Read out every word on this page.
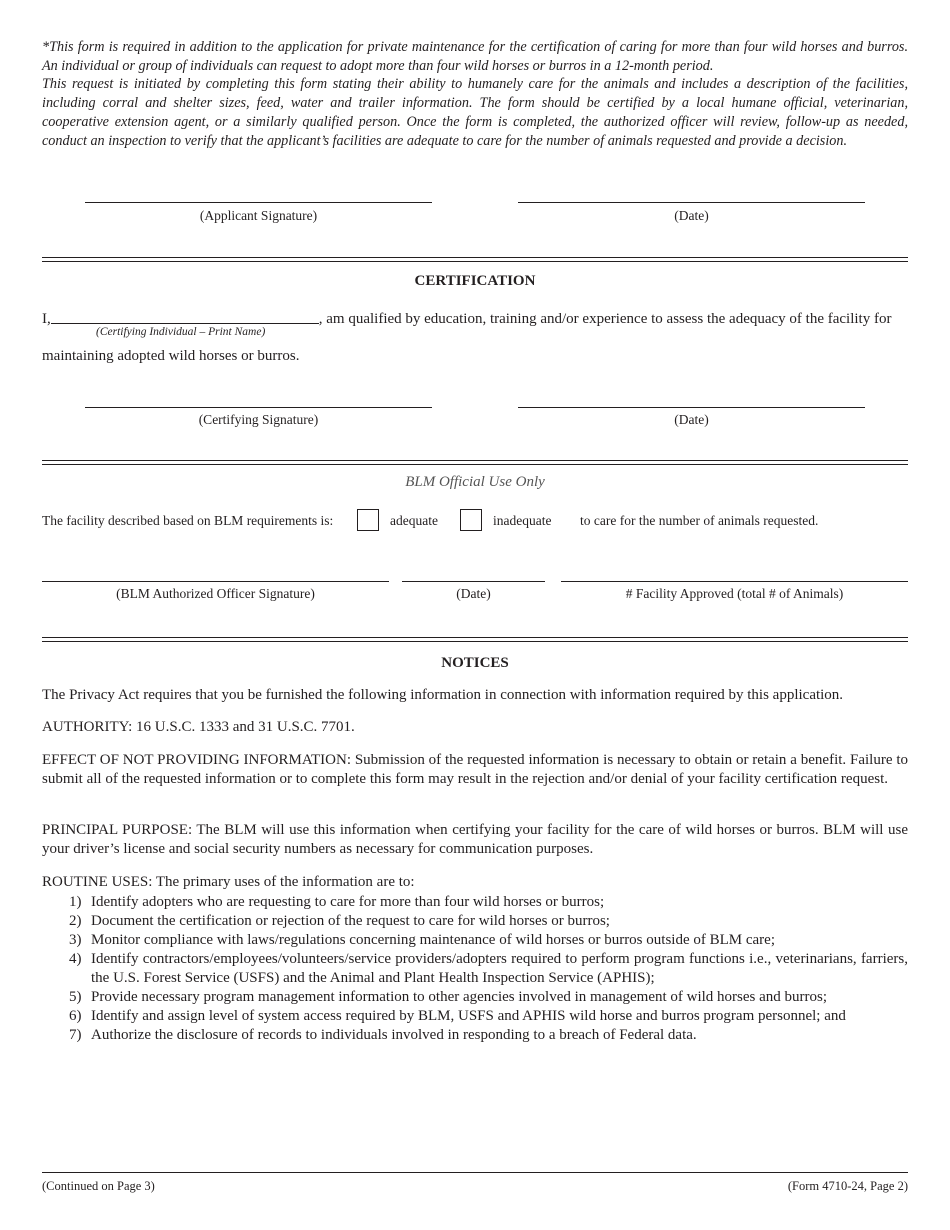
*This form is required in addition to the application for private maintenance for the certification of caring for more than four wild horses and burros. An individual or group of individuals can request to adopt more than four wild horses or burros in a 12-month period.

This request is initiated by completing this form stating their ability to humanely care for the animals and includes a description of the facilities, including corral and shelter sizes, feed, water and trailer information. The form should be certified by a local humane official, veterinarian, cooperative extension agent, or a similarly qualified person. Once the form is completed, the authorized officer will review, follow-up as needed, conduct an inspection to verify that the applicant’s facilities are adequate to care for the number of animals requested and provide a decision.

(Applicant Signature)	(Date)
CERTIFICATION
I,	, am qualified by education, training and/or experience to assess the adequacy of the facility for
(Certifying Individual – Print Name)
maintaining adopted wild horses or burros.
(Certifying Signature)	(Date)
BLM Official Use Only
The facility described based on BLM requirements is:	adequate	inadequate to care for the number of animals requested.
(BLM Authorized Officer Signature)	(Date)	# Facility Approved (total # of Animals)
NOTICES

The Privacy Act requires that you be furnished the following information in connection with information required by this application.

AUTHORITY: 16 U.S.C. 1333 and 31 U.S.C. 7701.

EFFECT OF NOT PROVIDING INFORMATION: Submission of the requested information is necessary to obtain or retain a benefit. Failure to submit all of the requested information or to complete this form may result in the rejection and/or denial of your facility certification request.

PRINCIPAL PURPOSE: The BLM will use this information when certifying your facility for the care of wild horses or burros. BLM will use your driver’s license and social security numbers as necessary for communication purposes.

ROUTINE USES: The primary uses of the information are to:

1) Identify adopters who are requesting to care for more than four wild horses or burros;
2) Document the certification or rejection of the request to care for wild horses or burros;
3) Monitor compliance with laws/regulations concerning maintenance of wild horses or burros outside of BLM care;
4) Identify contractors/employees/volunteers/service providers/adopters required to perform program functions i.e., veterinarians, farriers, the U.S. Forest Service (USFS) and the Animal and Plant Health Inspection Service (APHIS);
5) Provide necessary program management information to other agencies involved in management of wild horses and burros;
6) Identify and assign level of system access required by BLM, USFS and APHIS wild horse and burros program personnel; and
7) Authorize the disclosure of records to individuals involved in responding to a breach of Federal data.
(Continued on Page 3)	(Form 4710-24, Page 2)
